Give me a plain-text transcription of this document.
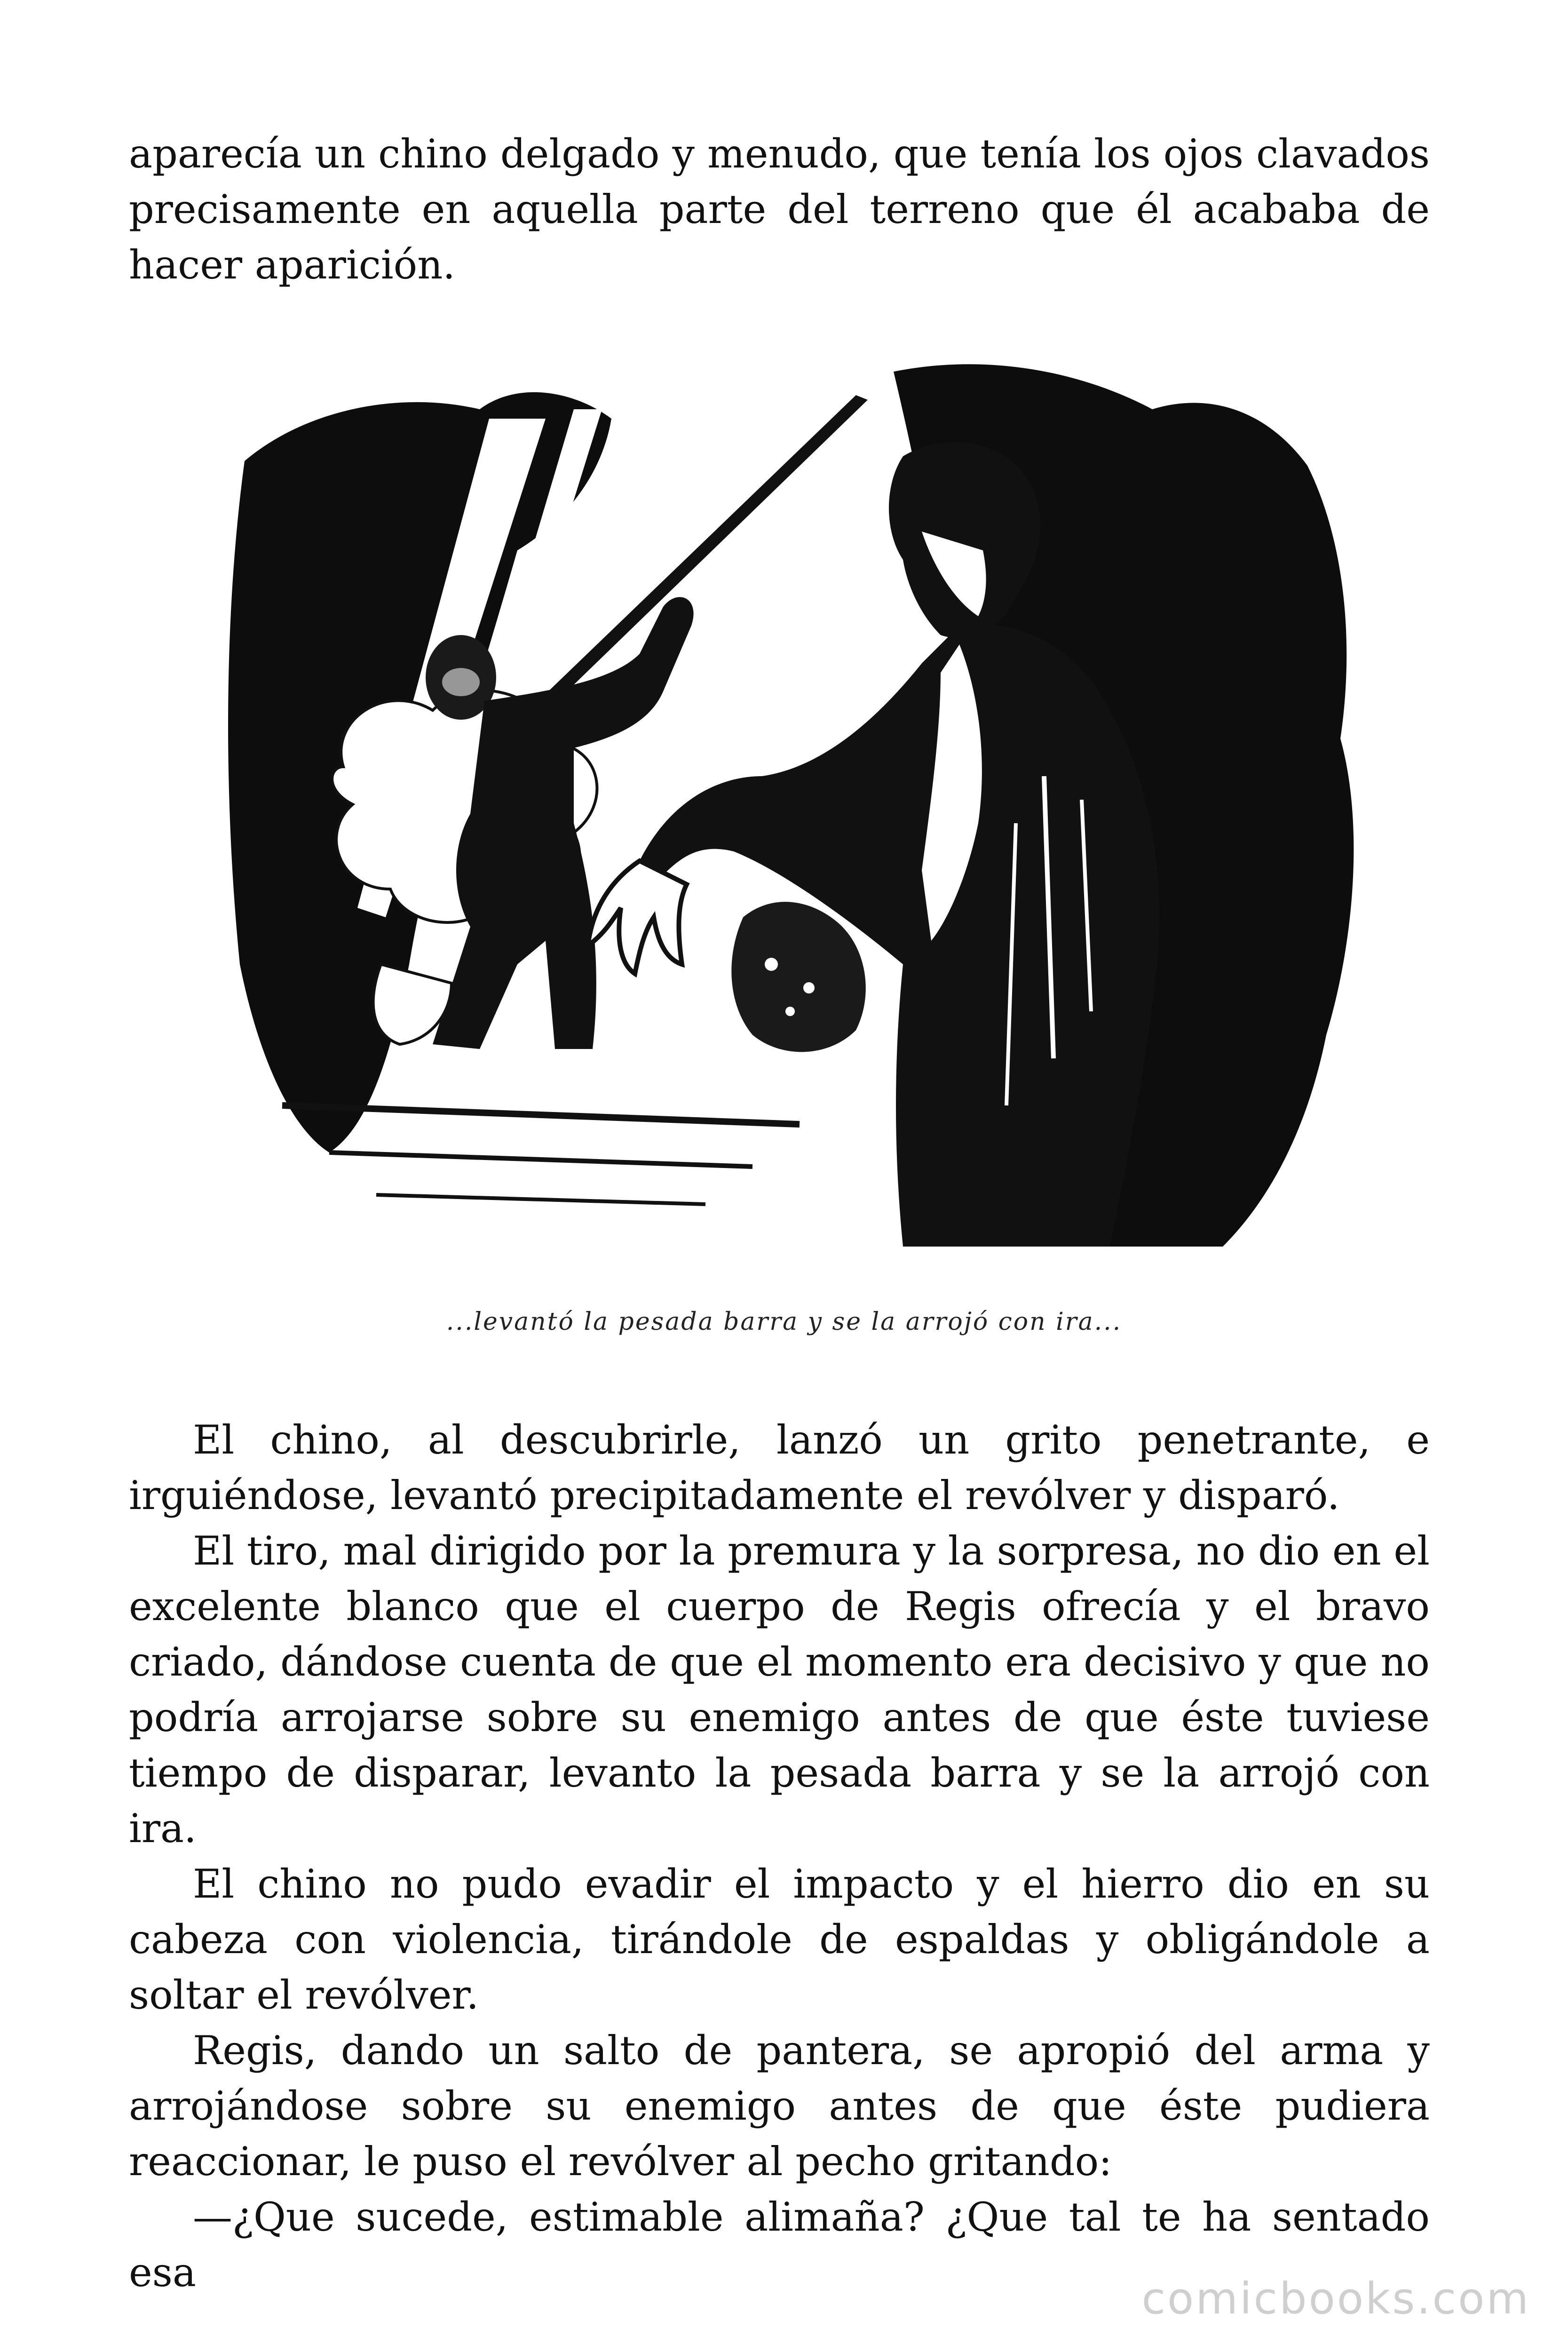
aparecía un chino delgado y menudo, que tenía los ojos clavados precisamente en aquella parte del terreno que él acababa de hacer aparición.

...levantó la pesada barra y se la arrojó con ira...

El chino, al descubrirle, lanzó un grito penetrante, e irguiéndose, levantó precipitadamente el revólver y disparó.

El tiro, mal dirigido por la premura y la sorpresa, no dio en el excelente blanco que el cuerpo de Regis ofrecía y el bravo criado, dándose cuenta de que el momento era decisivo y que no podría arrojarse sobre su enemigo antes de que éste tuviese tiempo de disparar, levanto la pesada barra y se la arrojó con ira.

El chino no pudo evadir el impacto y el hierro dio en su cabeza con violencia, tirándole de espaldas y obligándole a soltar el revólver.

Regis, dando un salto de pantera, se apropió del arma y arrojándose sobre su enemigo antes de que éste pudiera reaccionar, le puso el revólver al pecho gritando:

—¿Que sucede, estimable alimaña? ¿Que tal te ha sentado esa

comicbooks.com
